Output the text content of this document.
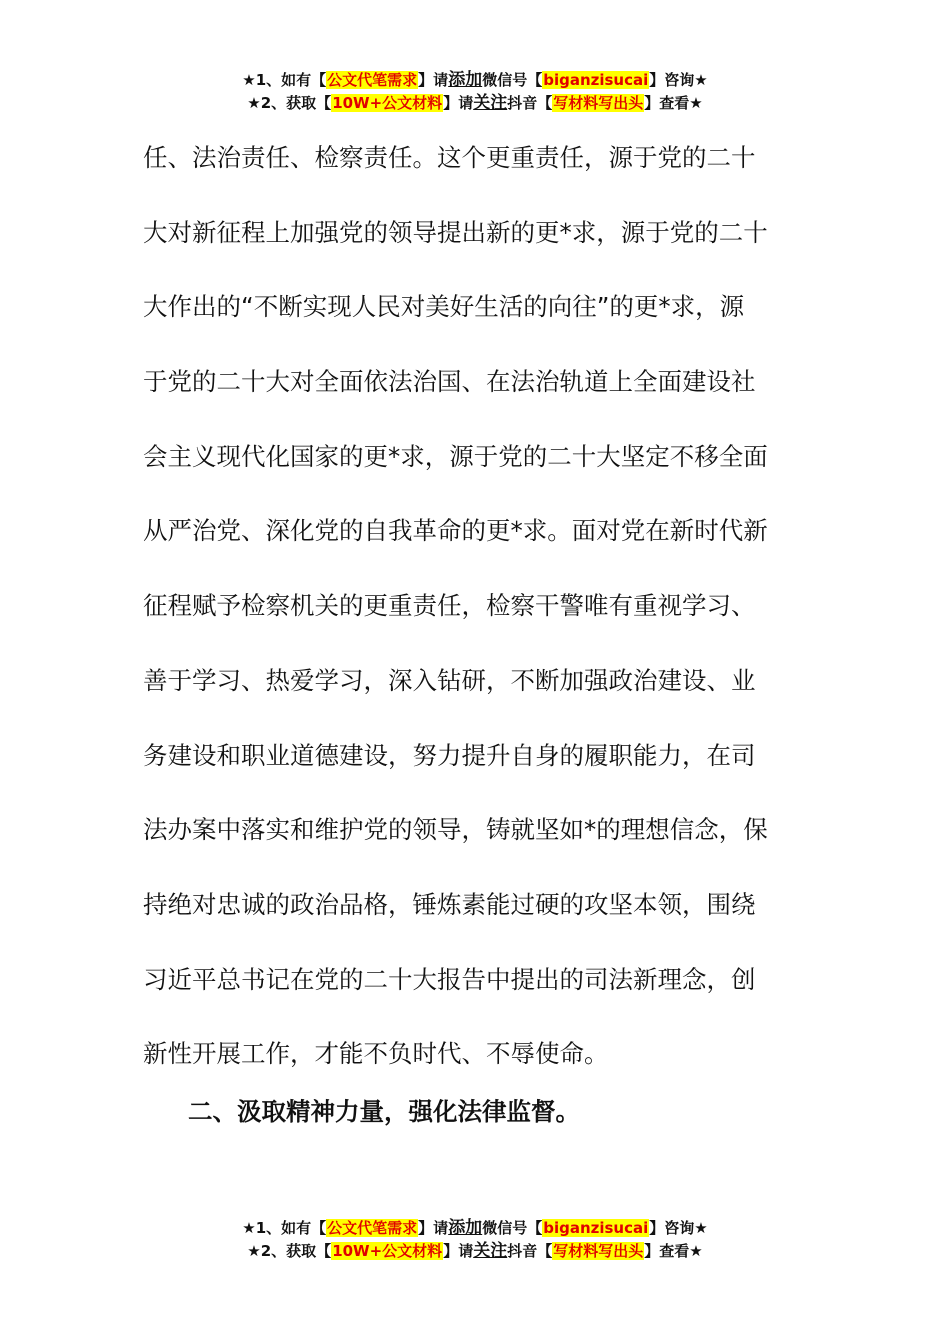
★1、如有【公文代笔需求】请添加微信号【biganzisucai】咨询★
★2、获取【10W+公文材料】请关注抖音【写材料写出头】查看★
任、法治责任、检察责任。这个更重责任，源于党的二十
大对新征程上加强党的领导提出新的更*求，源于党的二十
大作出的“不断实现人民对美好生活的向往”的更*求，源
于党的二十大对全面依法治国、在法治轨道上全面建设社
会主义现代化国家的更*求，源于党的二十大坚定不移全面
从严治党、深化党的自我革命的更*求。面对党在新时代新
征程赋予检察机关的更重责任，检察干警唯有重视学习、
善于学习、热爱学习，深入钻研，不断加强政治建设、业
务建设和职业道德建设，努力提升自身的履职能力，在司
法办案中落实和维护党的领导，铸就坚如*的理想信念，保
持绝对忠诚的政治品格，锤炼素能过硬的攻坚本领，围绕
习近平总书记在党的二十大报告中提出的司法新理念，创
新性开展工作，才能不负时代、不辱使命。
二、汲取精神力量，强化法律监督。
★1、如有【公文代笔需求】请添加微信号【biganzisucai】咨询★
★2、获取【10W+公文材料】请关注抖音【写材料写出头】查看★
